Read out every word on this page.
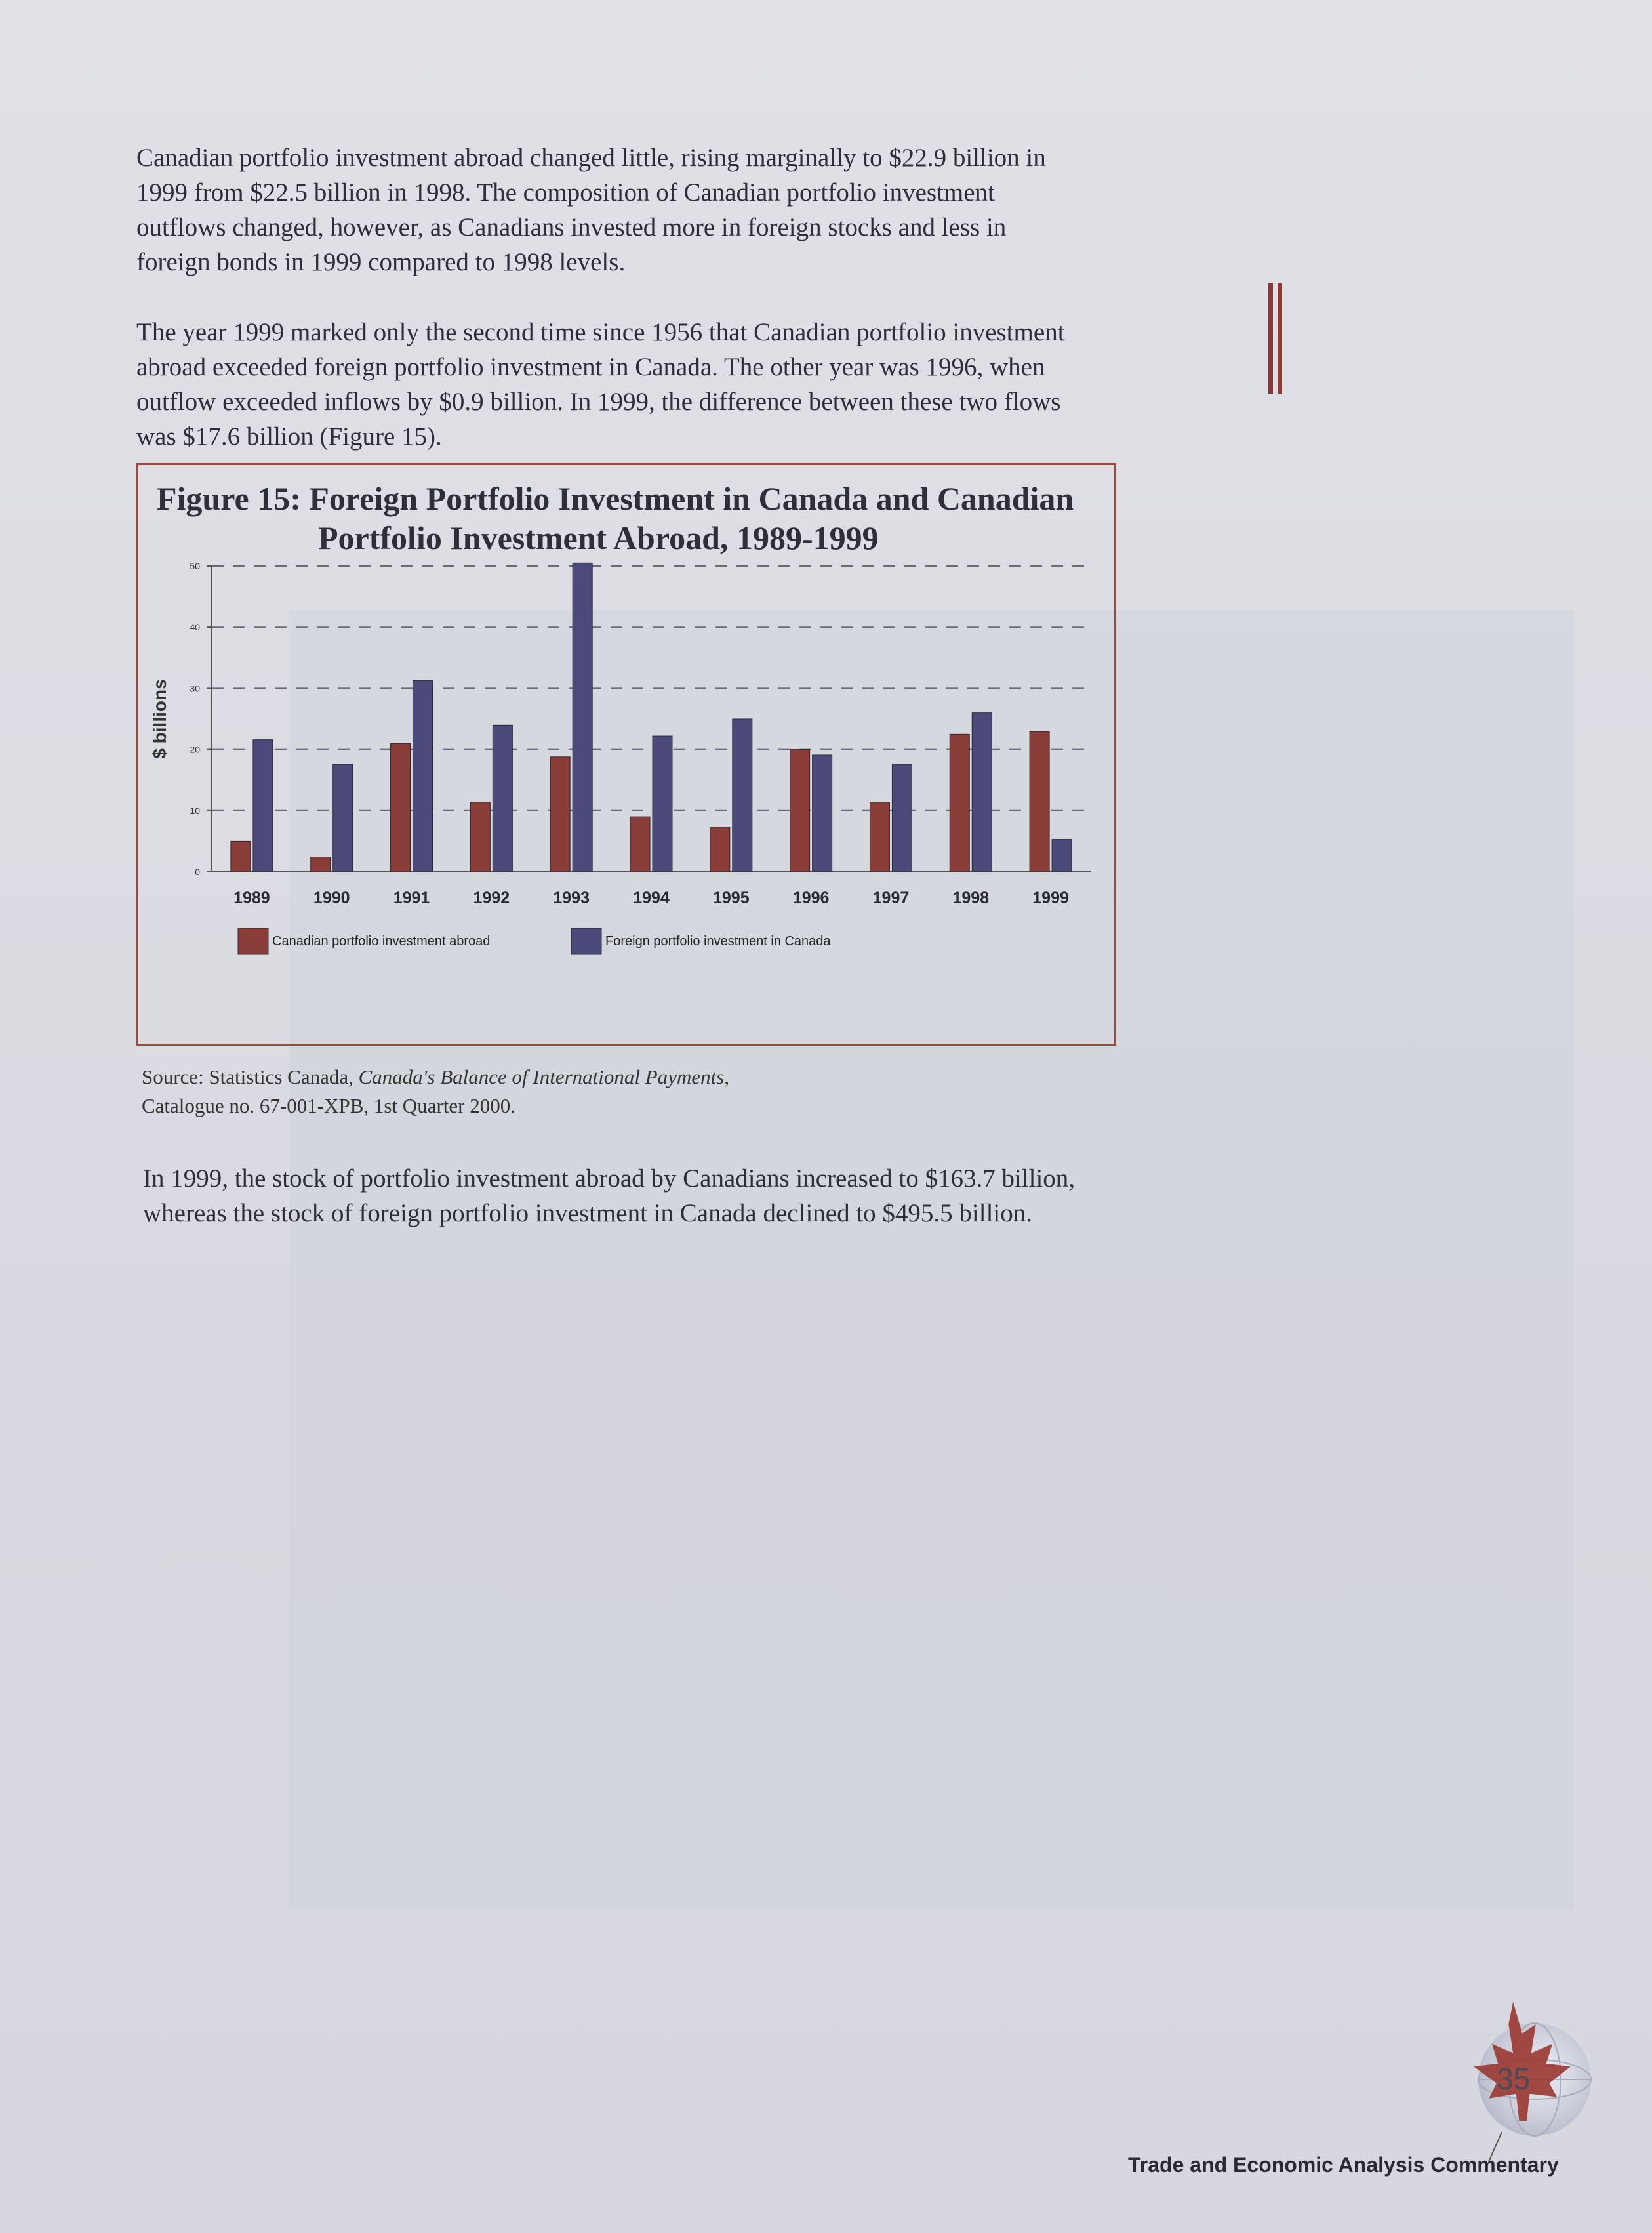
Canadian portfolio investment abroad changed little, rising marginally to $22.9 billion in 1999 from $22.5 billion in 1998. The composition of Canadian portfolio investment outflows changed, however, as Canadians invested more in foreign stocks and less in foreign bonds in 1999 compared to 1998 levels.

The year 1999 marked only the second time since 1956 that Canadian portfolio investment abroad exceeded foreign portfolio investment in Canada. The other year was 1996, when outflow exceeded inflows by $0.9 billion. In 1999, the difference between these two flows was $17.6 billion (Figure 15).

Figure 15: Foreign Portfolio Investment in Canada and Canadian
Portfolio Investment Abroad, 1989-1999
0
10
20
30
40
50
$ billions
1989	1990	1991	1992	1993	1994	1995	1996	1997	1998	1999
Canadian portfolio investment abroad	Foreign portfolio investment in Canada
Source: Statistics Canada, Canada's Balance of International Payments,
Catalogue no. 67-001-XPB, 1st Quarter 2000.

In 1999, the stock of portfolio investment abroad by Canadians increased to $163.7 billion, whereas the stock of foreign portfolio investment in Canada declined to $495.5 billion.

35
Trade and Economic Analysis Commentary
